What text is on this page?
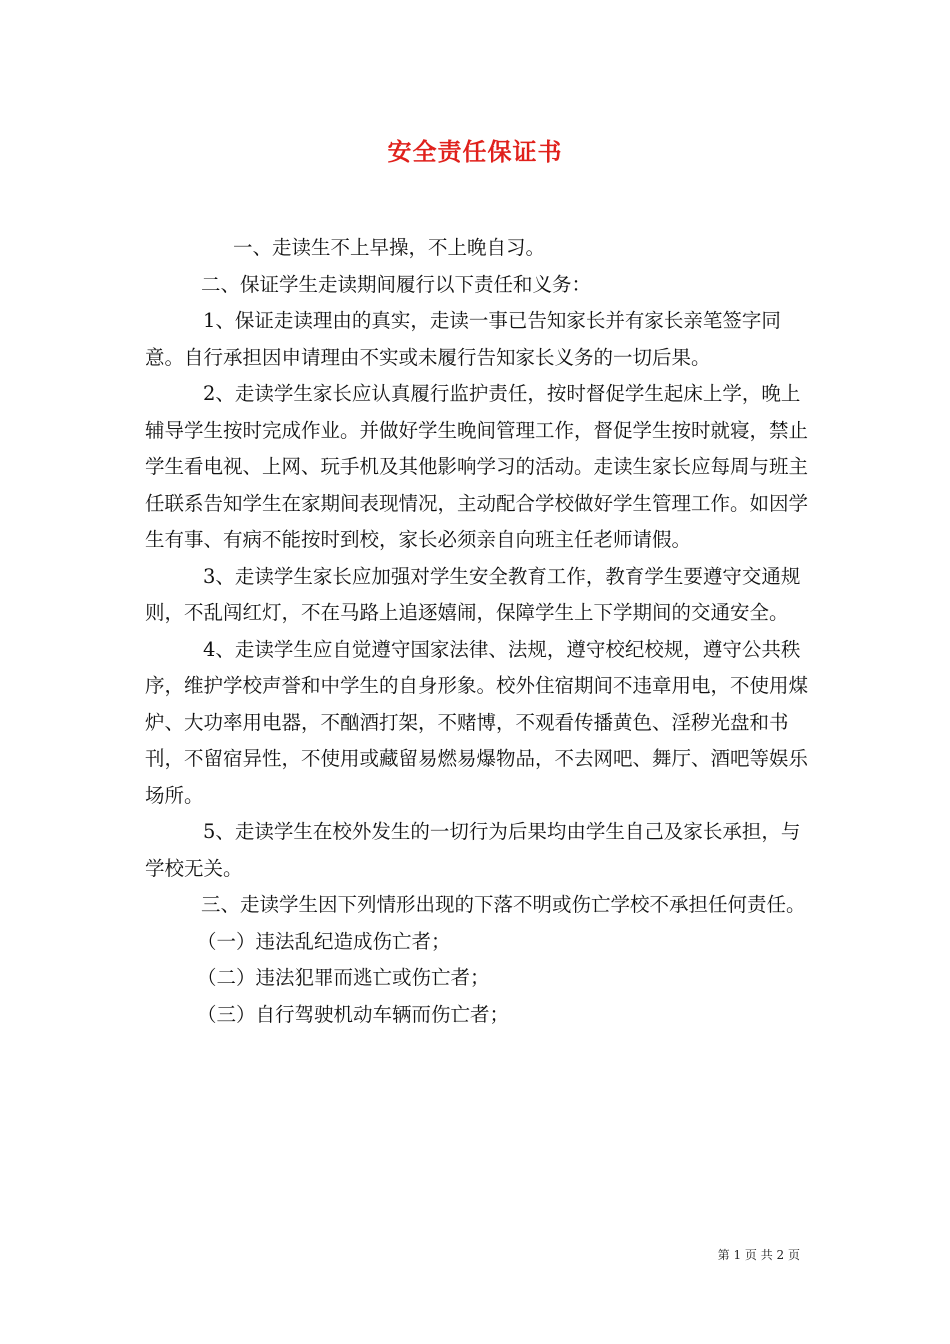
安全责任保证书

一、走读生不上早操，不上晚自习。

二、保证学生走读期间履行以下责任和义务：

1、保证走读理由的真实，走读一事已告知家长并有家长亲笔签字同意。自行承担因申请理由不实或未履行告知家长义务的一切后果。

2、走读学生家长应认真履行监护责任，按时督促学生起床上学，晚上辅导学生按时完成作业。并做好学生晚间管理工作，督促学生按时就寝，禁止学生看电视、上网、玩手机及其他影响学习的活动。走读生家长应每周与班主任联系告知学生在家期间表现情况，主动配合学校做好学生管理工作。如因学生有事、有病不能按时到校，家长必须亲自向班主任老师请假。

3、走读学生家长应加强对学生安全教育工作，教育学生要遵守交通规则，不乱闯红灯，不在马路上追逐嬉闹，保障学生上下学期间的交通安全。

4、走读学生应自觉遵守国家法律、法规，遵守校纪校规，遵守公共秩序，维护学校声誉和中学生的自身形象。校外住宿期间不违章用电，不使用煤炉、大功率用电器，不酗酒打架，不赌博，不观看传播黄色、淫秽光盘和书刊，不留宿异性，不使用或藏留易燃易爆物品，不去网吧、舞厅、酒吧等娱乐场所。

5、走读学生在校外发生的一切行为后果均由学生自己及家长承担，与学校无关。

三、走读学生因下列情形出现的下落不明或伤亡学校不承担任何责任。

（一）违法乱纪造成伤亡者；

（二）违法犯罪而逃亡或伤亡者；

（三）自行驾驶机动车辆而伤亡者；

第 1 页 共 2 页
